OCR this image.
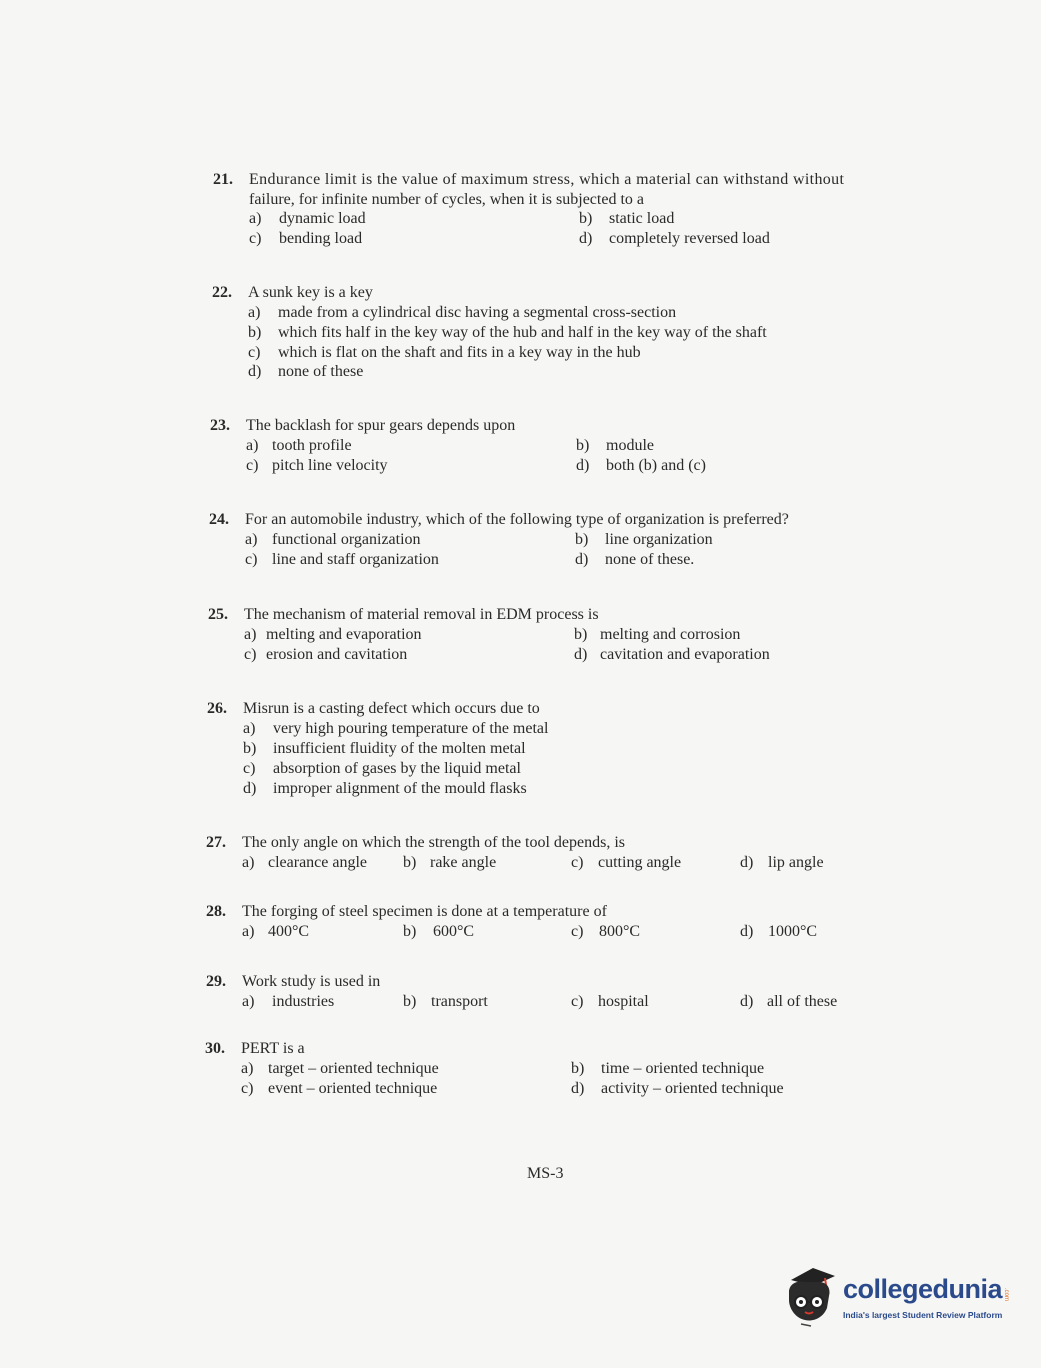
21.	Endurance limit is the value of maximum stress, which a material can withstand without
failure, for infinite number of cycles, when it is subjected to a
a) dynamic load	b) static load
c) bending load	d) completely reversed load
22.	A sunk key is a key
a) made from a cylindrical disc having a segmental cross-section
b) which fits half in the key way of the hub and half in the key way of the shaft
c) which is flat on the shaft and fits in a key way in the hub
d) none of these
23.	The backlash for spur gears depends upon
a) tooth profile	b) module
c) pitch line velocity	d) both (b) and (c)
24.	For an automobile industry, which of the following type of organization is preferred?
a) functional organization	b) line organization
c) line and staff organization	d) none of these.
25.	The mechanism of material removal in EDM process is
a) melting and evaporation	b) melting and corrosion
c) erosion and cavitation	d) cavitation and evaporation
26.	Misrun is a casting defect which occurs due to
a) very high pouring temperature of the metal
b) insufficient fluidity of the molten metal
c) absorption of gases by the liquid metal
d) improper alignment of the mould flasks
27.	The only angle on which the strength of the tool depends, is
a) clearance angle b) rake angle	c) cutting angle	d) lip angle
28.	The forging of steel specimen is done at a temperature of
a) 400°C	b) 600°C	c) 800°C	d) 1000°C
29.	Work study is used in
a) industries	b) transport	c) hospital	d) all of these
30.	PERT is a
a) target – oriented technique	b) time – oriented technique
c) event – oriented technique	d) activity – oriented technique
MS-3
collegedunia .com
India's largest Student Review Platform
